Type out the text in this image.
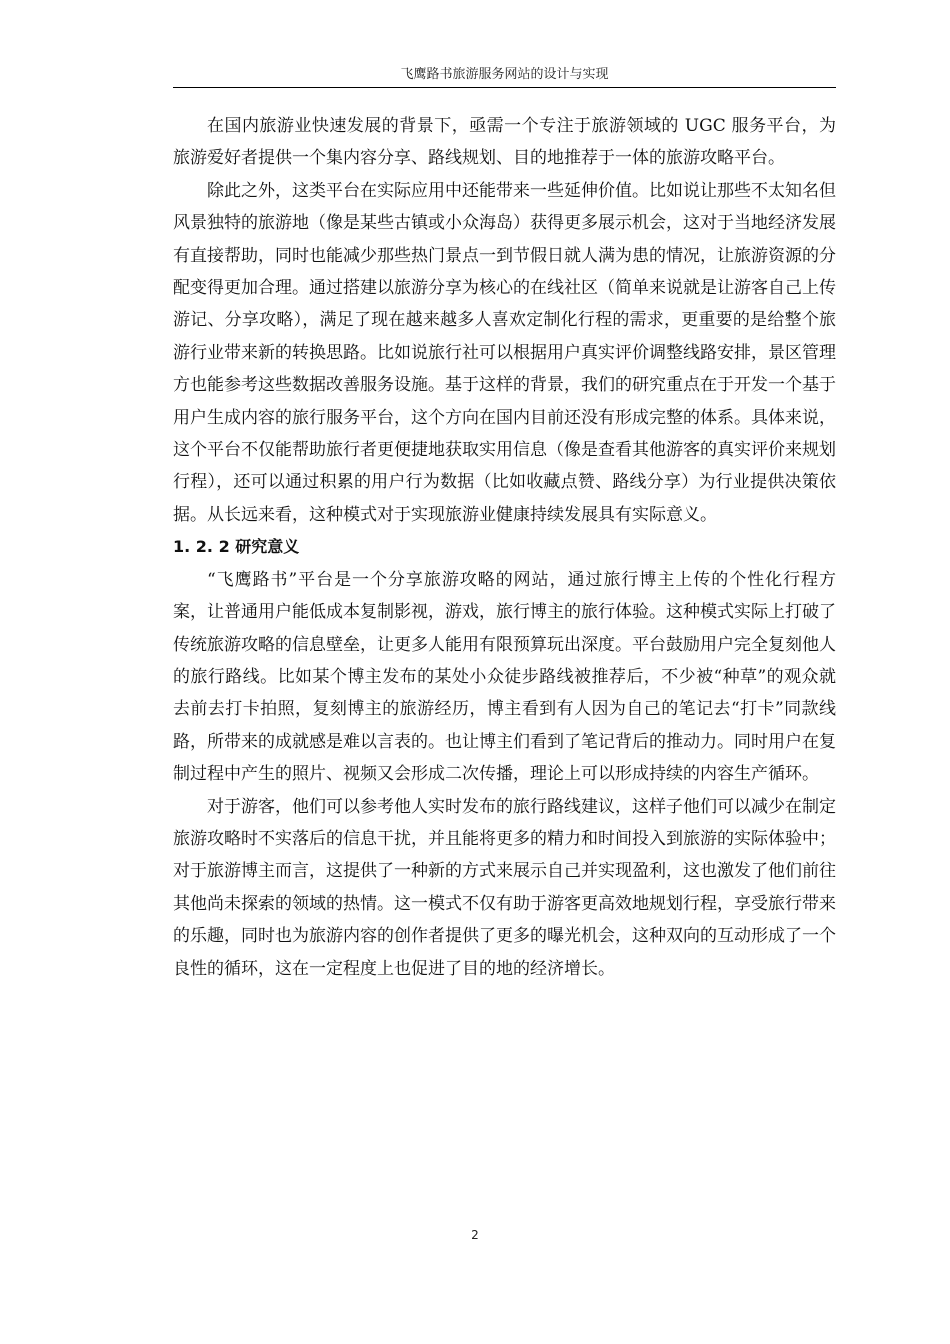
飞鹰路书旅游服务网站的设计与实现

在国内旅游业快速发展的背景下，亟需一个专注于旅游领域的 UGC 服务平台，为旅游爱好者提供一个集内容分享、路线规划、目的地推荐于一体的旅游攻略平台。

除此之外，这类平台在实际应用中还能带来一些延伸价值。比如说让那些不太知名但风景独特的旅游地（像是某些古镇或小众海岛）获得更多展示机会，这对于当地经济发展有直接帮助，同时也能减少那些热门景点一到节假日就人满为患的情况，让旅游资源的分配变得更加合理。通过搭建以旅游分享为核心的在线社区（简单来说就是让游客自己上传游记、分享攻略），满足了现在越来越多人喜欢定制化行程的需求，更重要的是给整个旅游行业带来新的转换思路。比如说旅行社可以根据用户真实评价调整线路安排，景区管理方也能参考这些数据改善服务设施。基于这样的背景，我们的研究重点在于开发一个基于用户生成内容的旅行服务平台，这个方向在国内目前还没有形成完整的体系。具体来说，这个平台不仅能帮助旅行者更便捷地获取实用信息（像是查看其他游客的真实评价来规划行程），还可以通过积累的用户行为数据（比如收藏点赞、路线分享）为行业提供决策依据。从长远来看，这种模式对于实现旅游业健康持续发展具有实际意义。

1. 2. 2 研究意义

“飞鹰路书”平台是一个分享旅游攻略的网站，通过旅行博主上传的个性化行程方案，让普通用户能低成本复制影视，游戏，旅行博主的旅行体验。这种模式实际上打破了传统旅游攻略的信息壁垒，让更多人能用有限预算玩出深度。平台鼓励用户完全复刻他人的旅行路线。比如某个博主发布的某处小众徒步路线被推荐后，不少被“种草”的观众就去前去打卡拍照，复刻博主的旅游经历，博主看到有人因为自己的笔记去“打卡”同款线路，所带来的成就感是难以言表的。也让博主们看到了笔记背后的推动力。同时用户在复制过程中产生的照片、视频又会形成二次传播，理论上可以形成持续的内容生产循环。

对于游客，他们可以参考他人实时发布的旅行路线建议，这样子他们可以减少在制定旅游攻略时不实落后的信息干扰，并且能将更多的精力和时间投入到旅游的实际体验中；对于旅游博主而言，这提供了一种新的方式来展示自己并实现盈利，这也激发了他们前往其他尚未探索的领域的热情。这一模式不仅有助于游客更高效地规划行程，享受旅行带来的乐趣，同时也为旅游内容的创作者提供了更多的曝光机会，这种双向的互动形成了一个良性的循环，这在一定程度上也促进了目的地的经济增长。

2
